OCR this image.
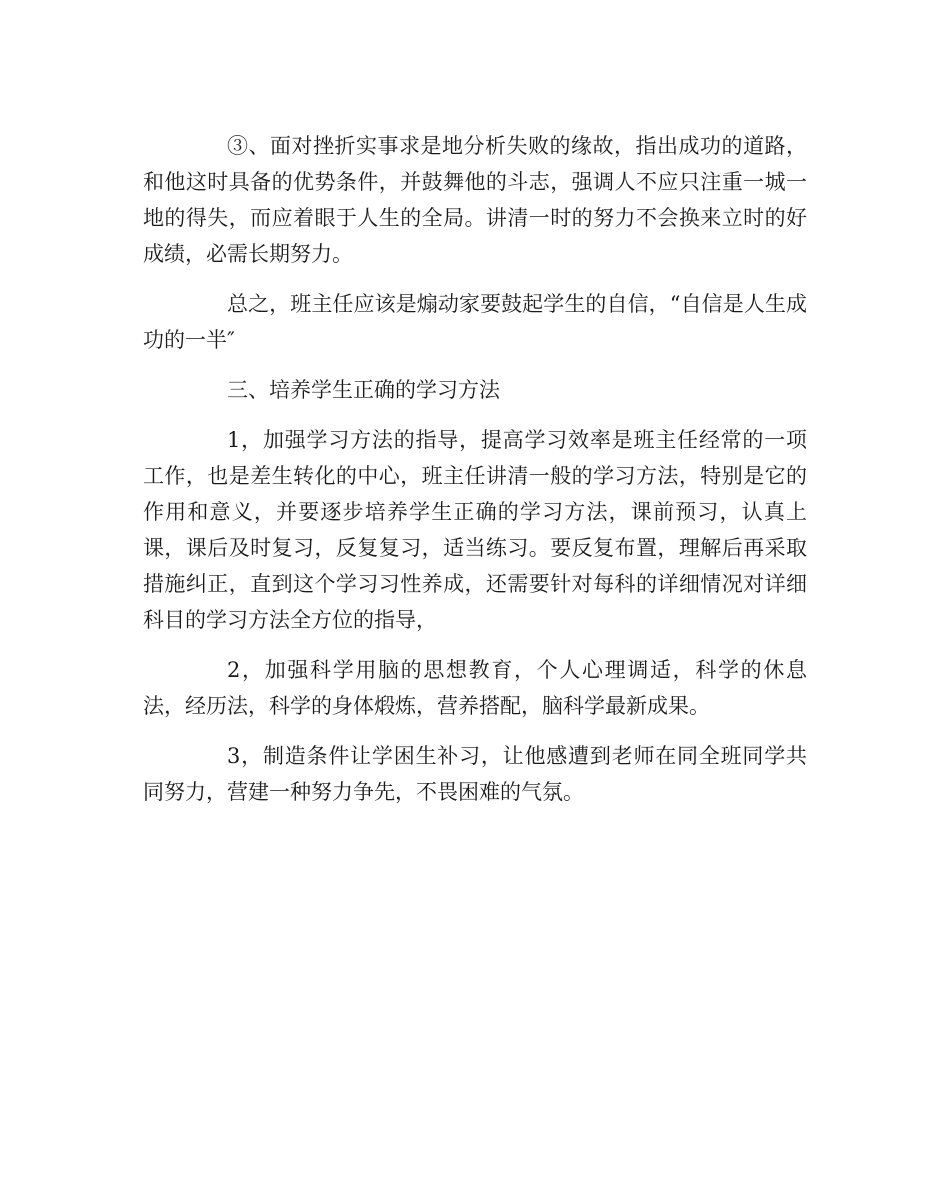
③、面对挫折实事求是地分析失败的缘故，指出成功的道路，和他这时具备的优势条件，并鼓舞他的斗志，强调人不应只注重一城一地的得失，而应着眼于人生的全局。讲清一时的努力不会换来立时的好成绩，必需长期努力。

总之，班主任应该是煽动家要鼓起学生的自信，“自信是人生成功的一半″

三、培养学生正确的学习方法

1，加强学习方法的指导，提高学习效率是班主任经常的一项工作，也是差生转化的中心，班主任讲清一般的学习方法，特别是它的作用和意义，并要逐步培养学生正确的学习方法，课前预习，认真上课，课后及时复习，反复复习，适当练习。要反复布置，理解后再采取措施纠正，直到这个学习习性养成，还需要针对每科的详细情况对详细科目的学习方法全方位的指导，

2，加强科学用脑的思想教育，个人心理调适，科学的休息法，经历法，科学的身体煅炼，营养搭配，脑科学最新成果。

3，制造条件让学困生补习，让他感遭到老师在同全班同学共同努力，营建一种努力争先，不畏困难的气氛。
